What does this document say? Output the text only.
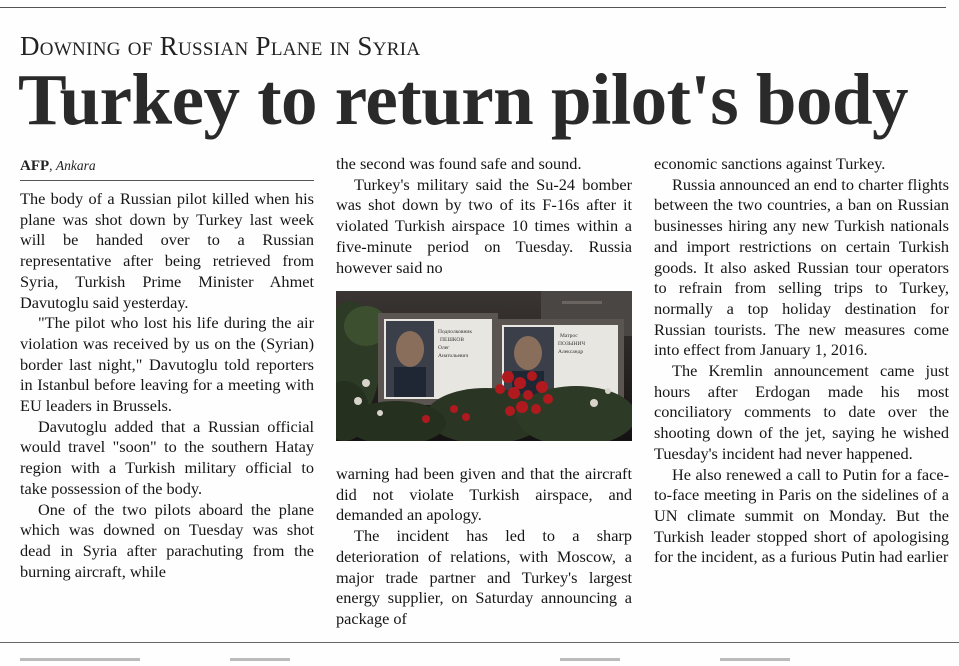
Downing of Russian Plane in Syria
Turkey to return pilot's body
AFP, Ankara

The body of a Russian pilot killed when his plane was shot down by Turkey last week will be handed over to a Russian representative after being retrieved from Syria, Turkish Prime Minister Ahmet Davutoglu said yesterday.

"The pilot who lost his life during the air violation was received by us on the (Syrian) border last night," Davutoglu told reporters in Istanbul before leaving for a meeting with EU leaders in Brussels.

Davutoglu added that a Russian official would travel "soon" to the southern Hatay region with a Turkish military official to take possession of the body.

One of the two pilots aboard the plane which was downed on Tuesday was shot dead in Syria after parachuting from the burning aircraft, while

the second was found safe and sound.

Turkey's military said the Su-24 bomber was shot down by two of its F-16s after it violated Turkish airspace 10 times within a five-minute period on Tuesday. Russia however said no

Подполковник
ПЕШКОВ
Олег
Анатольевич
Матрос
ПОЗЫНИЧ
Александр

warning had been given and that the aircraft did not violate Turkish airspace, and demanded an apology.

The incident has led to a sharp deterioration of relations, with Moscow, a major trade partner and Turkey's largest energy supplier, on Saturday announcing a package of

economic sanctions against Turkey.

Russia announced an end to charter flights between the two countries, a ban on Russian businesses hiring any new Turkish nationals and import restrictions on certain Turkish goods. It also asked Russian tour operators to refrain from selling trips to Turkey, normally a top holiday destination for Russian tourists. The new measures come into effect from January 1, 2016.

The Kremlin announcement came just hours after Erdogan made his most conciliatory comments to date over the shooting down of the jet, saying he wished Tuesday's incident had never happened.

He also renewed a call to Putin for a face-to-face meeting in Paris on the sidelines of a UN climate summit on Monday. But the Turkish leader stopped short of apologising for the incident, as a furious Putin had earlier
